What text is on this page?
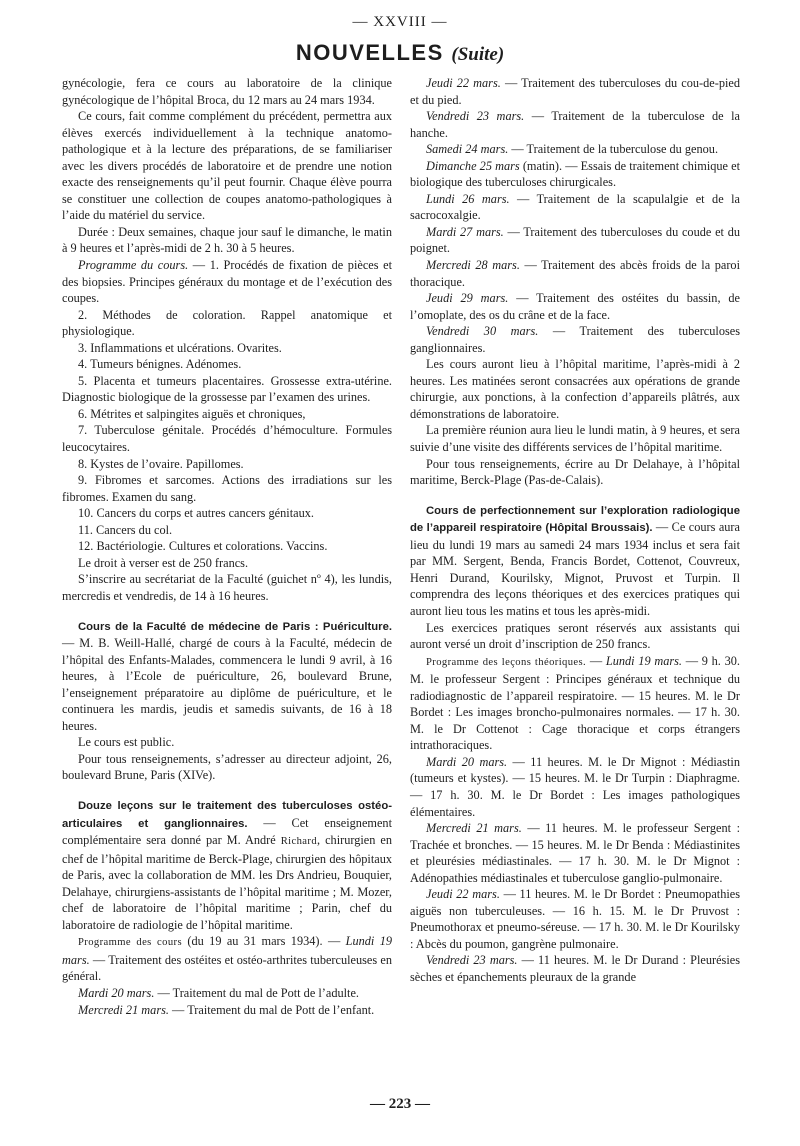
— XXVIII —
NOUVELLES (Suite)

gynécologie, fera ce cours au laboratoire de la clinique gynécologique de l’hôpital Broca, du 12 mars au 24 mars 1934.

Ce cours, fait comme complément du précédent, permettra aux élèves exercés individuellement à la technique anatomo-pathologique et à la lecture des préparations, de se familiariser avec les divers procédés de laboratoire et de prendre une notion exacte des renseignements qu’il peut fournir. Chaque élève pourra se constituer une collection de coupes anatomo-pathologiques à l’aide du matériel du service.

Durée : Deux semaines, chaque jour sauf le dimanche, le matin à 9 heures et l’après-midi de 2 h. 30 à 5 heures.

Programme du cours. — 1. Procédés de fixation de pièces et des biopsies. Principes généraux du montage et de l’exécution des coupes.

2. Méthodes de coloration. Rappel anatomique et physiologique.

3. Inflammations et ulcérations. Ovarites.

4. Tumeurs bénignes. Adénomes.

5. Placenta et tumeurs placentaires. Grossesse extra-utérine. Diagnostic biologique de la grossesse par l’examen des urines.

6. Métrites et salpingites aiguës et chroniques,

7. Tuberculose génitale. Procédés d’hémoculture. Formules leucocytaires.

8. Kystes de l’ovaire. Papillomes.

9. Fibromes et sarcomes. Actions des irradiations sur les fibromes. Examen du sang.

10. Cancers du corps et autres cancers génitaux.

11. Cancers du col.

12. Bactériologie. Cultures et colorations. Vaccins.

Le droit à verser est de 250 francs.

S’inscrire au secrétariat de la Faculté (guichet nº 4), les lundis, mercredis et vendredis, de 14 à 16 heures.

Cours de la Faculté de médecine de Paris : Puériculture. — M. B. Weill-Hallé, chargé de cours à la Faculté, médecin de l’hôpital des Enfants-Malades, commencera le lundi 9 avril, à 16 heures, à l’Ecole de puériculture, 26, boulevard Brune, l’enseignement préparatoire au diplôme de puériculture, et le continuera les mardis, jeudis et samedis suivants, de 16 à 18 heures.

Le cours est public.

Pour tous renseignements, s’adresser au directeur adjoint, 26, boulevard Brune, Paris (XIVe).

Douze leçons sur le traitement des tuberculoses ostéo-articulaires et ganglionnaires. — Cet enseignement complémentaire sera donné par M. André Richard, chirurgien en chef de l’hôpital maritime de Berck-Plage, chirurgien des hôpitaux de Paris, avec la collaboration de MM. les Drs Andrieu, Bouquier, Delahaye, chirurgiens-assistants de l’hôpital maritime ; M. Mozer, chef de laboratoire de l’hôpital maritime ; Parin, chef du laboratoire de radiologie de l’hôpital maritime.

Programme des cours (du 19 au 31 mars 1934). — Lundi 19 mars. — Traitement des ostéites et ostéo-arthrites tuberculeuses en général.

Mardi 20 mars. — Traitement du mal de Pott de l’adulte.

Mercredi 21 mars. — Traitement du mal de Pott de l’enfant.

Jeudi 22 mars. — Traitement des tuberculoses du cou-de-pied et du pied.

Vendredi 23 mars. — Traitement de la tuberculose de la hanche.

Samedi 24 mars. — Traitement de la tuberculose du genou.

Dimanche 25 mars (matin). — Essais de traitement chimique et biologique des tuberculoses chirurgicales.

Lundi 26 mars. — Traitement de la scapulalgie et de la sacrocoxalgie.

Mardi 27 mars. — Traitement des tuberculoses du coude et du poignet.

Mercredi 28 mars. — Traitement des abcès froids de la paroi thoracique.

Jeudi 29 mars. — Traitement des ostéites du bassin, de l’omoplate, des os du crâne et de la face.

Vendredi 30 mars. — Traitement des tuberculoses ganglionnaires.

Les cours auront lieu à l’hôpital maritime, l’après-midi à 2 heures. Les matinées seront consacrées aux opérations de grande chirurgie, aux ponctions, à la confection d’appareils plâtrés, aux démonstrations de laboratoire.

La première réunion aura lieu le lundi matin, à 9 heures, et sera suivie d’une visite des différents services de l’hôpital maritime.

Pour tous renseignements, écrire au Dr Delahaye, à l’hôpital maritime, Berck-Plage (Pas-de-Calais).

Cours de perfectionnement sur l’exploration radiologique de l’appareil respiratoire (Hôpital Broussais). — Ce cours aura lieu du lundi 19 mars au samedi 24 mars 1934 inclus et sera fait par MM. Sergent, Benda, Francis Bordet, Cottenot, Couvreux, Henri Durand, Kourilsky, Mignot, Pruvost et Turpin. Il comprendra des leçons théoriques et des exercices pratiques qui auront lieu tous les matins et tous les après-midi.

Les exercices pratiques seront réservés aux assistants qui auront versé un droit d’inscription de 250 francs.

Programme des leçons théoriques. — Lundi 19 mars. — 9 h. 30. M. le professeur Sergent : Principes généraux et technique du radiodiagnostic de l’appareil respiratoire. — 15 heures. M. le Dr Bordet : Les images broncho-pulmonaires normales. — 17 h. 30. M. le Dr Cottenot : Cage thoracique et corps étrangers intrathoraciques.

Mardi 20 mars. — 11 heures. M. le Dr Mignot : Médiastin (tumeurs et kystes). — 15 heures. M. le Dr Turpin : Diaphragme. — 17 h. 30. M. le Dr Bordet : Les images pathologiques élémentaires.

Mercredi 21 mars. — 11 heures. M. le professeur Sergent : Trachée et bronches. — 15 heures. M. le Dr Benda : Médiastinites et pleurésies médiastinales. — 17 h. 30. M. le Dr Mignot : Adénopathies médiastinales et tuberculose ganglio-pulmonaire.

Jeudi 22 mars. — 11 heures. M. le Dr Bordet : Pneumopathies aiguës non tuberculeuses. — 16 h. 15. M. le Dr Pruvost : Pneumothorax et pneumo-séreuse. — 17 h. 30. M. le Dr Kourilsky : Abcès du poumon, gangrène pulmonaire.

Vendredi 23 mars. — 11 heures. M. le Dr Durand : Pleurésies sèches et épanchements pleuraux de la grande

— 223 —
